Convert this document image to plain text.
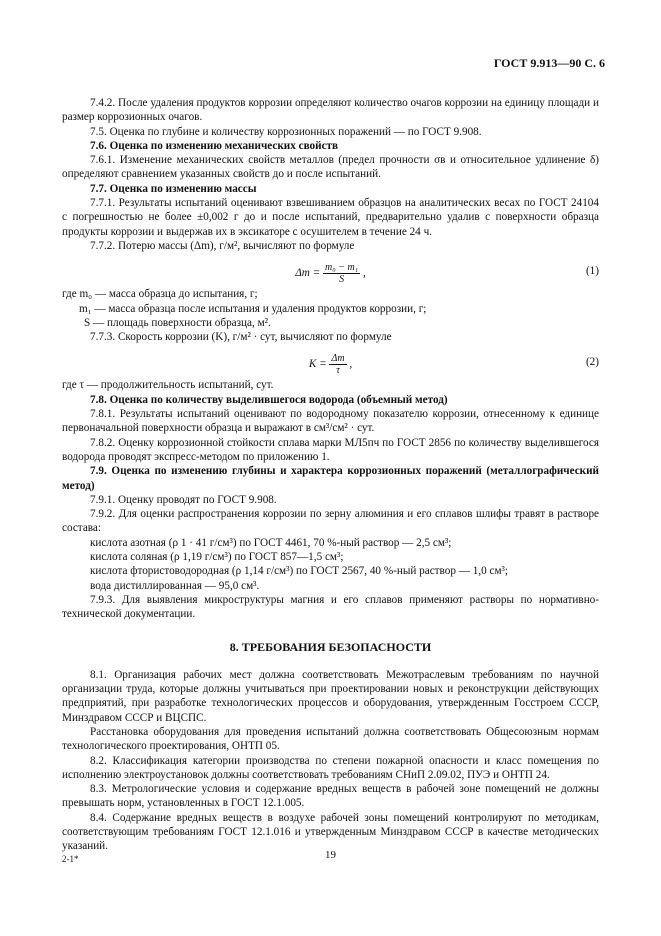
ГОСТ 9.913—90 С. 6

7.4.2. После удаления продуктов коррозии определяют количество очагов коррозии на единицу площади и размер коррозионных очагов.

7.5. Оценка по глубине и количеству коррозионных поражений — по ГОСТ 9.908.

7.6. Оценка по изменению механических свойств

7.6.1. Изменение механических свойств металлов (предел прочности σв и относительное удлинение δ) определяют сравнением указанных свойств до и после испытаний.

7.7. Оценка по изменению массы

7.7.1. Результаты испытаний оценивают взвешиванием образцов на аналитических весах по ГОСТ 24104 с погрешностью не более ±0,002 г до и после испытаний, предварительно удалив с поверхности образца продукты коррозии и выдержав их в эксикаторе с осушителем в течение 24 ч.

7.7.2. Потерю массы (Δm), г/м², вычисляют по формуле

$\Delta m = \frac{\text{m₀ − m₁}}{S}$ ,	(1)

где m₀ — масса образца до испытания, г;

m₁ — масса образца после испытания и удаления продуктов коррозии, г;

S — площадь поверхности образца, м².

7.7.3. Скорость коррозии (K), г/м² · сут, вычисляют по формуле

$K = \frac{\Delta m}{\tau}$ ,	(2)

где τ — продолжительность испытаний, сут.

7.8. Оценка по количеству выделившегося водорода (объемный метод)

7.8.1. Результаты испытаний оценивают по водородному показателю коррозии, отнесенному к единице первоначальной поверхности образца и выражают в см³/см² · сут.

7.8.2. Оценку коррозионной стойкости сплава марки МЛ5пч по ГОСТ 2856 по количеству выделившегося водорода проводят экспресс-методом по приложению 1.

7.9. Оценка по изменению глубины и характера коррозионных поражений (металлографический метод)

7.9.1. Оценку проводят по ГОСТ 9.908.

7.9.2. Для оценки распространения коррозии по зерну алюминия и его сплавов шлифы травят в растворе состава:

кислота азотная (ρ 1 · 41 г/см³) по ГОСТ 4461, 70 %-ный раствор — 2,5 см³;

кислота соляная (ρ 1,19 г/см³) по ГОСТ 857—1,5 см³;

кислота фтористоводородная (ρ 1,14 г/см³) по ГОСТ 2567, 40 %-ный раствор — 1,0 см³;

вода дистиллированная — 95,0 см³.

7.9.3. Для выявления микроструктуры магния и его сплавов применяют растворы по нормативно-технической документации.

8. ТРЕБОВАНИЯ БЕЗОПАСНОСТИ

8.1. Организация рабочих мест должна соответствовать Межотраслевым требованиям по научной организации труда, которые должны учитываться при проектировании новых и реконструкции действующих предприятий, при разработке технологических процессов и оборудования, утвержденным Госстроем СССР, Минздравом СССР и ВЦСПС.

Расстановка оборудования для проведения испытаний должна соответствовать Общесоюзным нормам технологического проектирования, ОНТП 05.

8.2. Классификация категории производства по степени пожарной опасности и класс помещения по исполнению электроустановок должны соответствовать требованиям СНиП 2.09.02, ПУЭ и ОНТП 24.

8.3. Метрологические условия и содержание вредных веществ в рабочей зоне помещений не должны превышать норм, установленных в ГОСТ 12.1.005.

8.4. Содержание вредных веществ в воздухе рабочей зоны помещений контролируют по методикам, соответствующим требованиям ГОСТ 12.1.016 и утвержденным Минздравом СССР в качестве методических указаний.

2-1*	19
